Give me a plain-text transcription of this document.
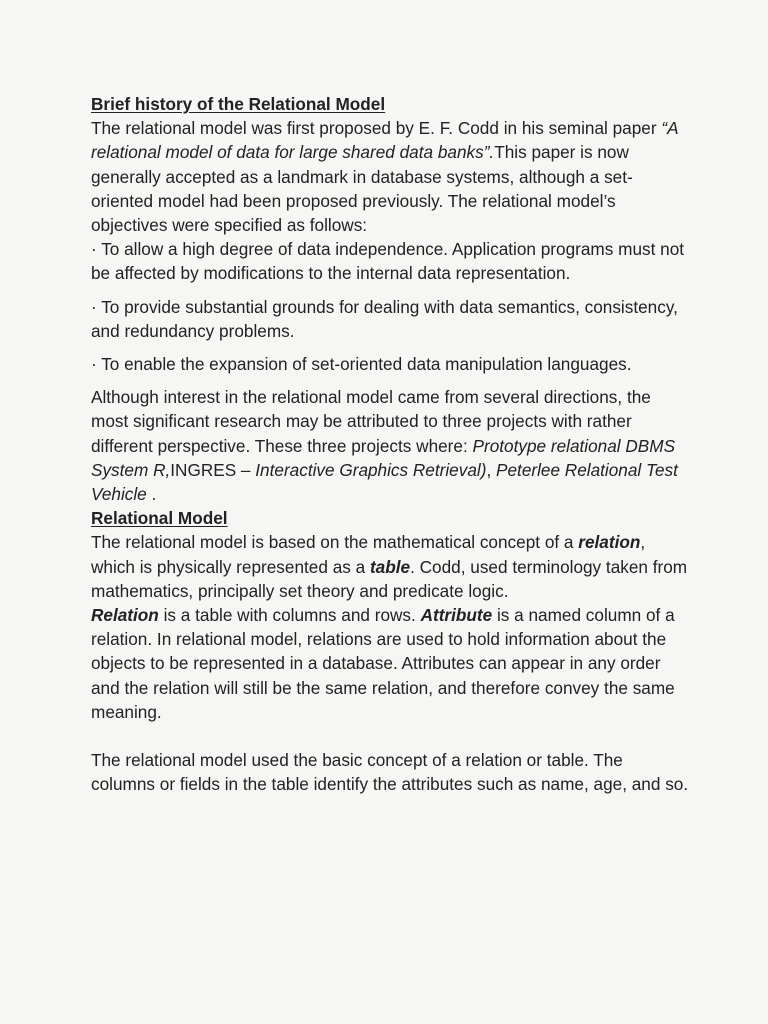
Brief history of the Relational Model

The relational model was first proposed by E. F. Codd in his seminal paper “A relational model of data for large shared data banks”.This paper is now generally accepted as a landmark in database systems, although a set-oriented model had been proposed previously. The relational model’s objectives were specified as follows:

· To allow a high degree of data independence. Application programs must not be affected by modifications to the internal data representation.

· To provide substantial grounds for dealing with data semantics, consistency, and redundancy problems.

· To enable the expansion of set-oriented data manipulation languages.

Although interest in the relational model came from several directions, the most significant research may be attributed to three projects with rather different perspective. These three projects where: Prototype relational DBMS System R,INGRES – Interactive Graphics Retrieval), Peterlee Relational Test Vehicle .

Relational Model

The relational model is based on the mathematical concept of a relation, which is physically represented as a table. Codd, used terminology taken from mathematics, principally set theory and predicate logic.

Relation is a table with columns and rows. Attribute is a named column of a relation. In relational model, relations are used to hold information about the objects to be represented in a database. Attributes can appear in any order and the relation will still be the same relation, and therefore convey the same meaning.

The relational model used the basic concept of a relation or table. The columns or fields in the table identify the attributes such as name, age, and so.
